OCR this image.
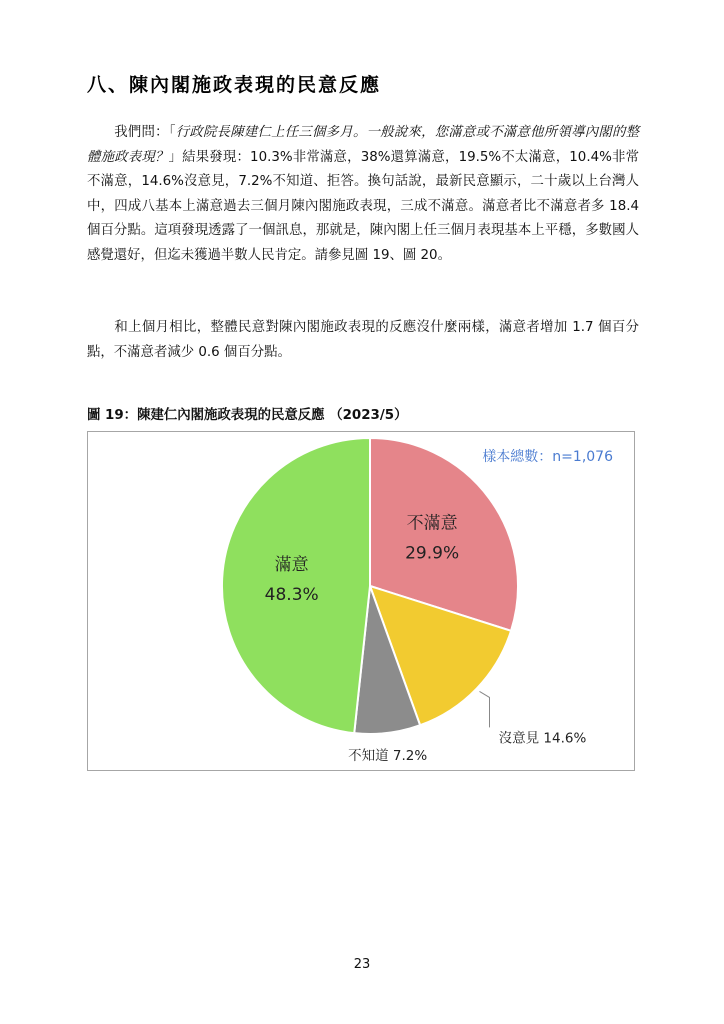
八、陳內閣施政表現的民意反應
我們問：「行政院長陳建仁上任三個多月。一般說來，您滿意或不滿意他所領導內閣的整體施政表現？」結果發現：10.3%非常滿意，38%還算滿意，19.5%不太滿意，10.4%非常不滿意，14.6%沒意見，7.2%不知道、拒答。換句話說，最新民意顯示，二十歲以上台灣人中，四成八基本上滿意過去三個月陳內閣施政表現，三成不滿意。滿意者比不滿意者多 18.4 個百分點。這項發現透露了一個訊息，那就是，陳內閣上任三個月表現基本上平穩，多數國人感覺還好，但迄未獲過半數人民肯定。請參見圖 19、圖 20。
和上個月相比，整體民意對陳內閣施政表現的反應沒什麼兩樣，滿意者增加 1.7 個百分點，不滿意者減少 0.6 個百分點。
圖 19：陳建仁內閣施政表現的民意反應 （2023/5）
不滿意
29.9%
沒意見 14.6%
不知道 7.2%
滿意
48.3%
樣本總數：n=1,076
23
